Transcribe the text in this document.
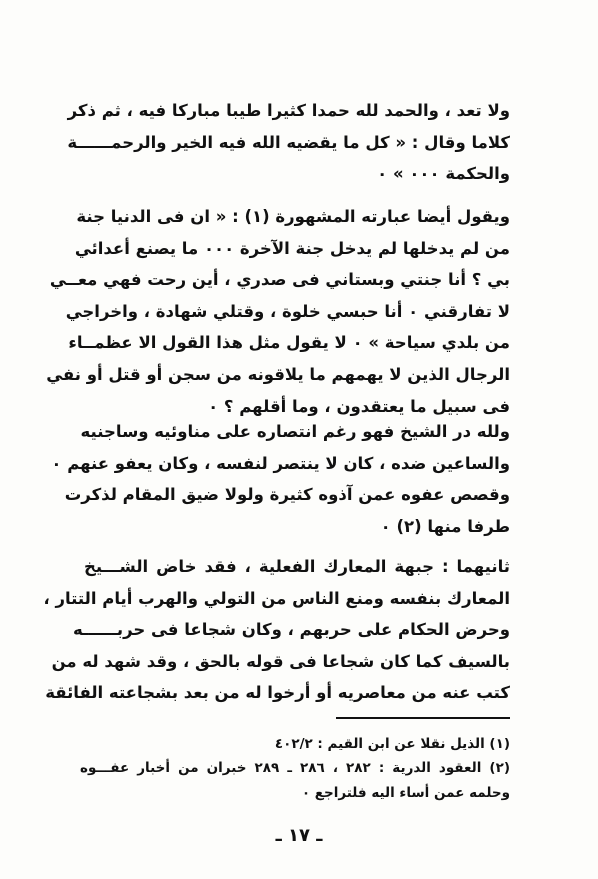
ولا تعد ، والحمد لله حمدا كثيرا طيبا مباركا فيه ، ثم ذكر
كلاما وقال : « كل ما يقضيه الله فيه الخير والرحمــــــة
والحكمة ٠٠٠ » ٠
ويقول أيضا عبارته المشهورة (١) : « ان فى الدنيا جنة
من لم يدخلها لم يدخل جنة الآخرة ٠٠٠ ما يصنع أعدائي
بي ؟ أنا جنتي وبستاني فى صدري ، أين رحت فهي معــي
لا تفارقني ٠ أنا حبسي خلوة ، وقتلي شهادة ، واخراجي
من بلدي سياحة » ٠ لا يقول مثل هذا القول الا عظمــاء
الرجال الذين لا يهمهم ما يلاقونه من سجن أو قتل أو نفي
فى سبيل ما يعتقدون ، وما أقلهم ؟ ٠
ولله در الشيخ فهو رغم انتصاره على مناوئيه وساجنيه
والساعين ضده ، كان لا ينتصر لنفسه ، وكان يعفو عنهم ٠
وقصص عفوه عمن آذوه كثيرة ولولا ضيق المقام لذكرت
طرفا منها (٢) ٠
ثانيهما : جبهة المعارك الفعلية ، فقد خاض الشـــيخ
المعارك بنفسه ومنع الناس من التولي والهرب أيام التتار ،
وحرض الحكام على حربهم ، وكان شجاعا فى حربــــــه
بالسيف كما كان شجاعا فى قوله بالحق ، وقد شهد له من
كتب عنه من معاصريه أو أرخوا له من بعد بشجاعته الفائقة
(١) الذيل نقلا عن ابن القيم : ٤٠٢/٢
(٢) العقود الدرية : ٢٨٢ ، ٢٨٦ ـ ٢٨٩ خبران من أخبار عفـــوه
وحلمه عمن أساء اليه فلتراجع ٠
ـ ١٧ ـ
